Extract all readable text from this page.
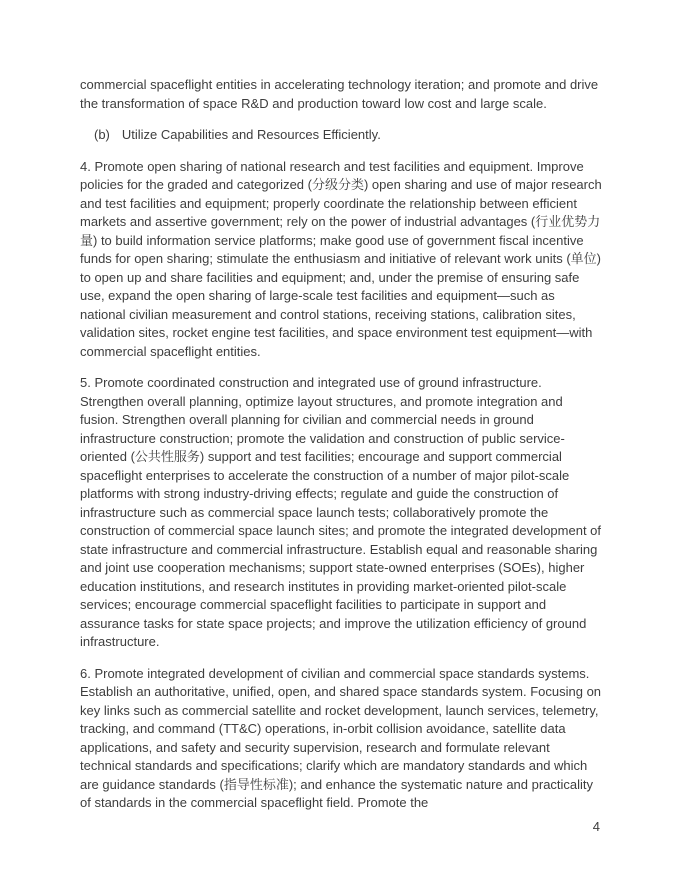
commercial spaceflight entities in accelerating technology iteration; and promote and drive the transformation of space R&D and production toward low cost and large scale.

(b) Utilize Capabilities and Resources Efficiently.

4. Promote open sharing of national research and test facilities and equipment. Improve policies for the graded and categorized (分级分类) open sharing and use of major research and test facilities and equipment; properly coordinate the relationship between efficient markets and assertive government; rely on the power of industrial advantages (行业优势力量) to build information service platforms; make good use of government fiscal incentive funds for open sharing; stimulate the enthusiasm and initiative of relevant work units (单位) to open up and share facilities and equipment; and, under the premise of ensuring safe use, expand the open sharing of large-scale test facilities and equipment—such as national civilian measurement and control stations, receiving stations, calibration sites, validation sites, rocket engine test facilities, and space environment test equipment—with commercial spaceflight entities.

5. Promote coordinated construction and integrated use of ground infrastructure. Strengthen overall planning, optimize layout structures, and promote integration and fusion. Strengthen overall planning for civilian and commercial needs in ground infrastructure construction; promote the validation and construction of public service-oriented (公共性服务) support and test facilities; encourage and support commercial spaceflight enterprises to accelerate the construction of a number of major pilot-scale platforms with strong industry-driving effects; regulate and guide the construction of infrastructure such as commercial space launch tests; collaboratively promote the construction of commercial space launch sites; and promote the integrated development of state infrastructure and commercial infrastructure. Establish equal and reasonable sharing and joint use cooperation mechanisms; support state-owned enterprises (SOEs), higher education institutions, and research institutes in providing market-oriented pilot-scale services; encourage commercial spaceflight facilities to participate in support and assurance tasks for state space projects; and improve the utilization efficiency of ground infrastructure.

6. Promote integrated development of civilian and commercial space standards systems. Establish an authoritative, unified, open, and shared space standards system. Focusing on key links such as commercial satellite and rocket development, launch services, telemetry, tracking, and command (TT&C) operations, in-orbit collision avoidance, satellite data applications, and safety and security supervision, research and formulate relevant technical standards and specifications; clarify which are mandatory standards and which are guidance standards (指导性标准); and enhance the systematic nature and practicality of standards in the commercial spaceflight field. Promote the

4
